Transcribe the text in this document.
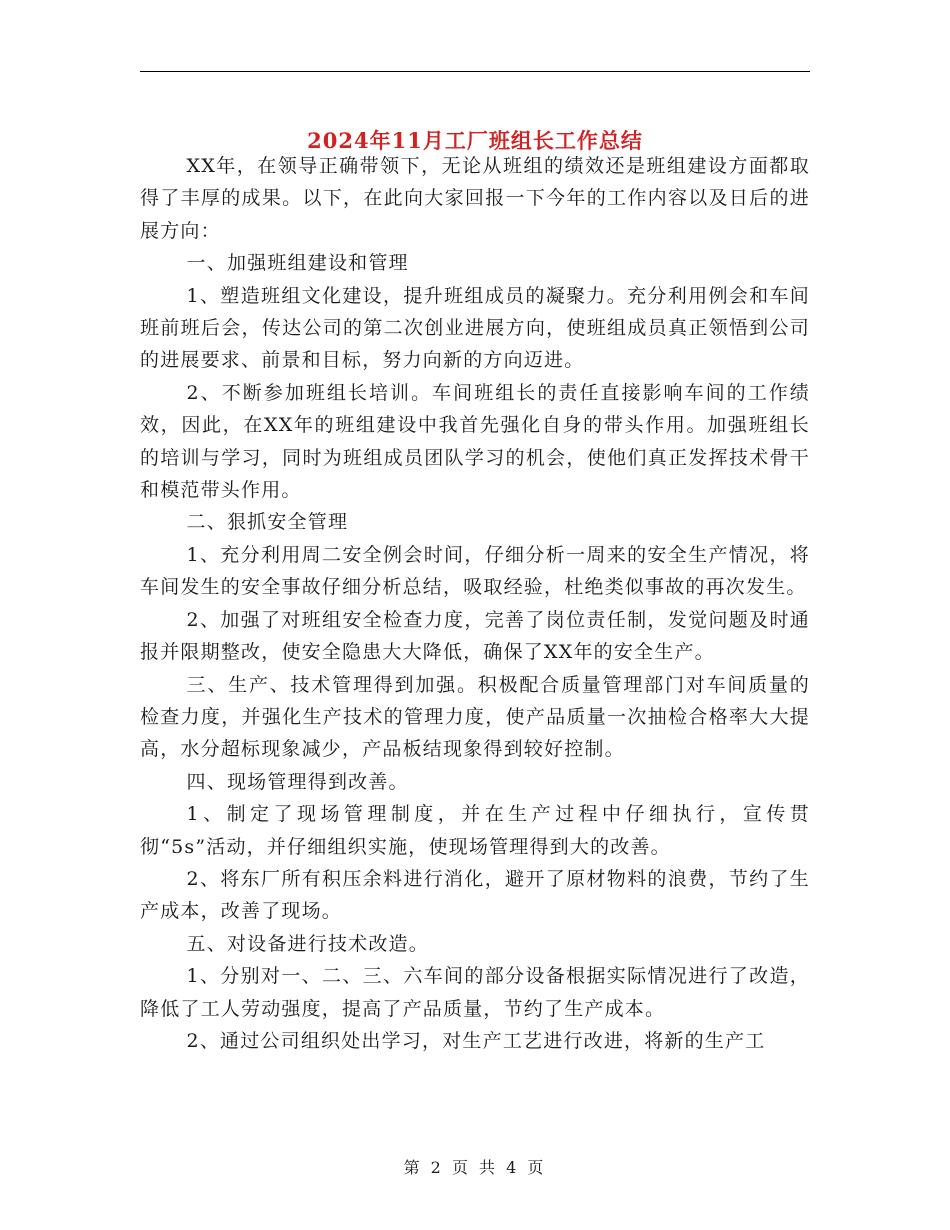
2024年11月工厂班组长工作总结

XX年，在领导正确带领下，无论从班组的绩效还是班组建设方面都取得了丰厚的成果。以下，在此向大家回报一下今年的工作内容以及日后的进展方向：

一、加强班组建设和管理

1、塑造班组文化建设，提升班组成员的凝聚力。充分利用例会和车间班前班后会，传达公司的第二次创业进展方向，使班组成员真正领悟到公司的进展要求、前景和目标，努力向新的方向迈进。

2、不断参加班组长培训。车间班组长的责任直接影响车间的工作绩效，因此，在XX年的班组建设中我首先强化自身的带头作用。加强班组长的培训与学习，同时为班组成员团队学习的机会，使他们真正发挥技术骨干和模范带头作用。

二、狠抓安全管理

1、充分利用周二安全例会时间，仔细分析一周来的安全生产情况，将车间发生的安全事故仔细分析总结，吸取经验，杜绝类似事故的再次发生。

2、加强了对班组安全检查力度，完善了岗位责任制，发觉问题及时通报并限期整改，使安全隐患大大降低，确保了XX年的安全生产。

三、生产、技术管理得到加强。积极配合质量管理部门对车间质量的检查力度，并强化生产技术的管理力度，使产品质量一次抽检合格率大大提高，水分超标现象减少，产品板结现象得到较好控制。

四、现场管理得到改善。

1、制定了现场管理制度，并在生产过程中仔细执行，宣传贯彻“5s”活动，并仔细组织实施，使现场管理得到大的改善。

2、将东厂所有积压余料进行消化，避开了原材物料的浪费，节约了生产成本，改善了现场。

五、对设备进行技术改造。

1、分别对一、二、三、六车间的部分设备根据实际情况进行了改造，降低了工人劳动强度，提高了产品质量，节约了生产成本。

2、通过公司组织处出学习，对生产工艺进行改进，将新的生产工

第 2 页 共 4 页
